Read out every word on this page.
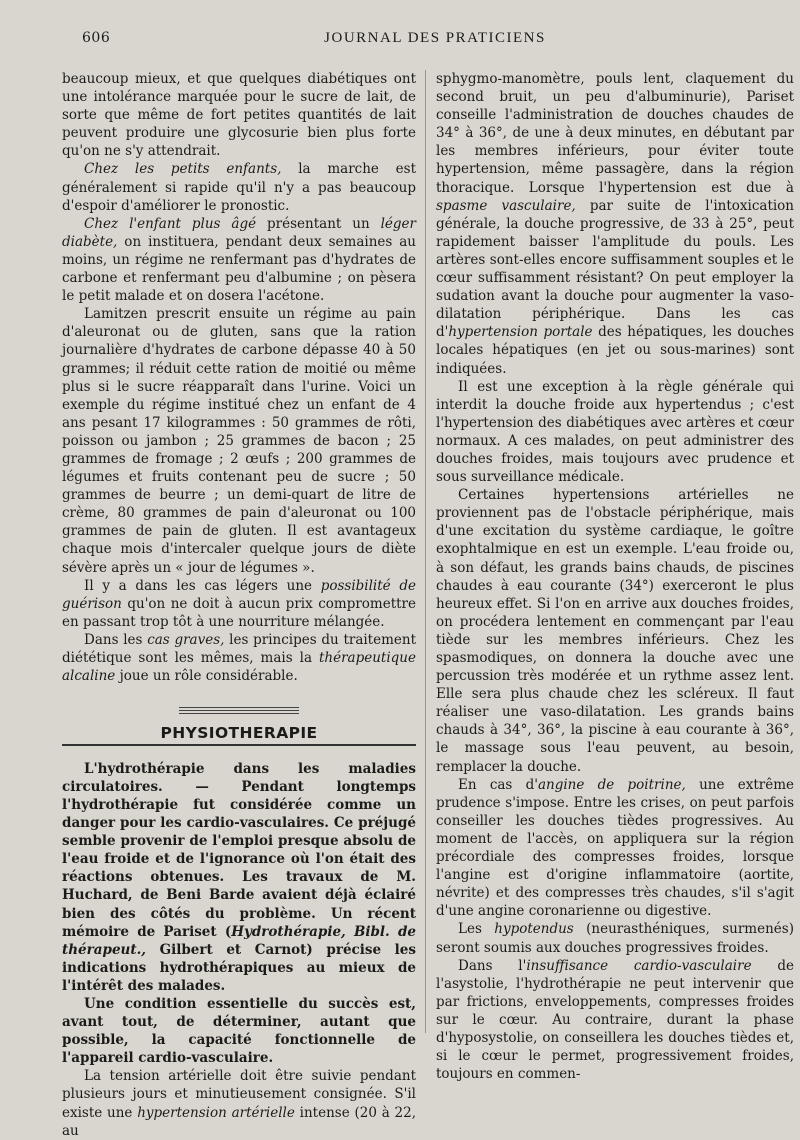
606	JOURNAL DES PRATICIENS

beaucoup mieux, et que quelques diabétiques ont une intolérance marquée pour le sucre de lait, de sorte que même de fort petites quantités de lait peuvent produire une glycosurie bien plus forte qu'on ne s'y attendrait.

Chez les petits enfants, la marche est généralement si rapide qu'il n'y a pas beaucoup d'espoir d'améliorer le pronostic.

Chez l'enfant plus âgé présentant un léger diabète, on instituera, pendant deux semaines au moins, un régime ne renfermant pas d'hydrates de carbone et renfermant peu d'albumine ; on pèsera le petit malade et on dosera l'acétone.

Lamitzen prescrit ensuite un régime au pain d'aleuronat ou de gluten, sans que la ration journalière d'hydrates de carbone dépasse 40 à 50 grammes; il réduit cette ration de moitié ou même plus si le sucre réapparaît dans l'urine. Voici un exemple du régime institué chez un enfant de 4 ans pesant 17 kilogrammes : 50 grammes de rôti, poisson ou jambon ; 25 grammes de bacon ; 25 grammes de fromage ; 2 œufs ; 200 grammes de légumes et fruits contenant peu de sucre ; 50 grammes de beurre ; un demi-quart de litre de crème, 80 grammes de pain d'aleuronat ou 100 grammes de pain de gluten. Il est avantageux chaque mois d'intercaler quelque jours de diète sévère après un « jour de légumes ».

Il y a dans les cas légers une possibilité de guérison qu'on ne doit à aucun prix compromettre en passant trop tôt à une nourriture mélangée.

Dans les cas graves, les principes du traitement diététique sont les mêmes, mais la thérapeutique alcaline joue un rôle considérable.

PHYSIOTHERAPIE

L'hydrothérapie dans les maladies circulatoires. — Pendant longtemps l'hydrothérapie fut considérée comme un danger pour les cardio-vasculaires. Ce préjugé semble provenir de l'emploi presque absolu de l'eau froide et de l'ignorance où l'on était des réactions obtenues. Les travaux de M. Huchard, de Beni Barde avaient déjà éclairé bien des côtés du problème. Un récent mémoire de Pariset (Hydrothérapie, Bibl. de thérapeut., Gilbert et Carnot) précise les indications hydrothérapiques au mieux de l'intérêt des malades.

Une condition essentielle du succès est, avant tout, de déterminer, autant que possible, la capacité fonctionnelle de l'appareil cardio-vasculaire.

La tension artérielle doit être suivie pendant plusieurs jours et minutieusement consignée. S'il existe une hypertension artérielle intense (20 à 22, au

sphygmo-manomètre, pouls lent, claquement du second bruit, un peu d'albuminurie), Pariset conseille l'administration de douches chaudes de 34° à 36°, de une à deux minutes, en débutant par les membres inférieurs, pour éviter toute hypertension, même passagère, dans la région thoracique. Lorsque l'hypertension est due à spasme vasculaire, par suite de l'intoxication générale, la douche progressive, de 33 à 25°, peut rapidement baisser l'amplitude du pouls. Les artères sont-elles encore suffisamment souples et le cœur suffisamment résistant? On peut employer la sudation avant la douche pour augmenter la vaso-dilatation périphérique. Dans les cas d'hypertension portale des hépatiques, les douches locales hépatiques (en jet ou sous-marines) sont indiquées.

Il est une exception à la règle générale qui interdit la douche froide aux hypertendus ; c'est l'hypertension des diabétiques avec artères et cœur normaux. A ces malades, on peut administrer des douches froides, mais toujours avec prudence et sous surveillance médicale.

Certaines hypertensions artérielles ne proviennent pas de l'obstacle périphérique, mais d'une excitation du système cardiaque, le goître exophtalmique en est un exemple. L'eau froide ou, à son défaut, les grands bains chauds, de piscines chaudes à eau courante (34°) exerceront le plus heureux effet. Si l'on en arrive aux douches froides, on procédera lentement en commençant par l'eau tiède sur les membres inférieurs. Chez les spasmodiques, on donnera la douche avec une percussion très modérée et un rythme assez lent. Elle sera plus chaude chez les scléreux. Il faut réaliser une vaso-dilatation. Les grands bains chauds à 34°, 36°, la piscine à eau courante à 36°, le massage sous l'eau peuvent, au besoin, remplacer la douche.

En cas d'angine de poitrine, une extrême prudence s'impose. Entre les crises, on peut parfois conseiller les douches tièdes progressives. Au moment de l'accès, on appliquera sur la région précordiale des compresses froides, lorsque l'angine est d'origine inflammatoire (aortite, névrite) et des compresses très chaudes, s'il s'agit d'une angine coronarienne ou digestive.

Les hypotendus (neurasthéniques, surmenés) seront soumis aux douches progressives froides.

Dans l'insuffisance cardio-vasculaire de l'asystolie, l'hydrothérapie ne peut intervenir que par frictions, enveloppements, compresses froides sur le cœur. Au contraire, durant la phase d'hyposystolie, on conseillera les douches tièdes et, si le cœur le permet, progressivement froides, toujours en commen-
